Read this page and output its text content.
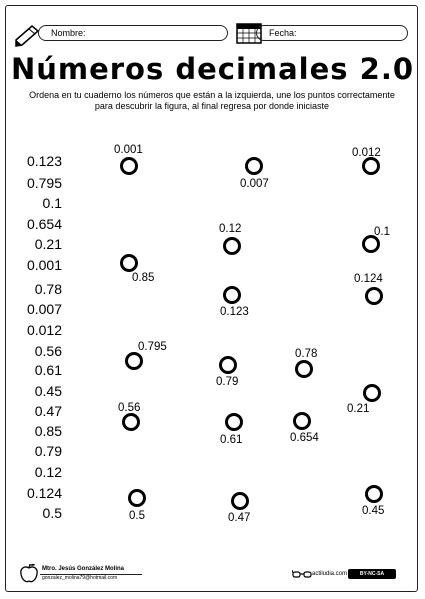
Nombre:	Fecha:
Números decimales 2.0
Ordena en tu cuaderno los números que están a la izquierda, une los puntos correctamente para descubrir la figura, al final regresa por donde iniciaste
0.123
0.795
0.1
0.654
0.21
0.001
0.78
0.007
0.012
0.56
0.61
0.45
0.47
0.85
0.79
0.12
0.124
0.5
0.001
0.007
0.012
0.12	0.1
0.85	0.124
0.123
0.795
0.78
0.79
0.21
0.56
0.61	0.654
0.5	0.47
0.45
Mtro. Jesús González Molina
gonzalez_molina79@hotmail.com
actiludia.com	BY-NC-SA
